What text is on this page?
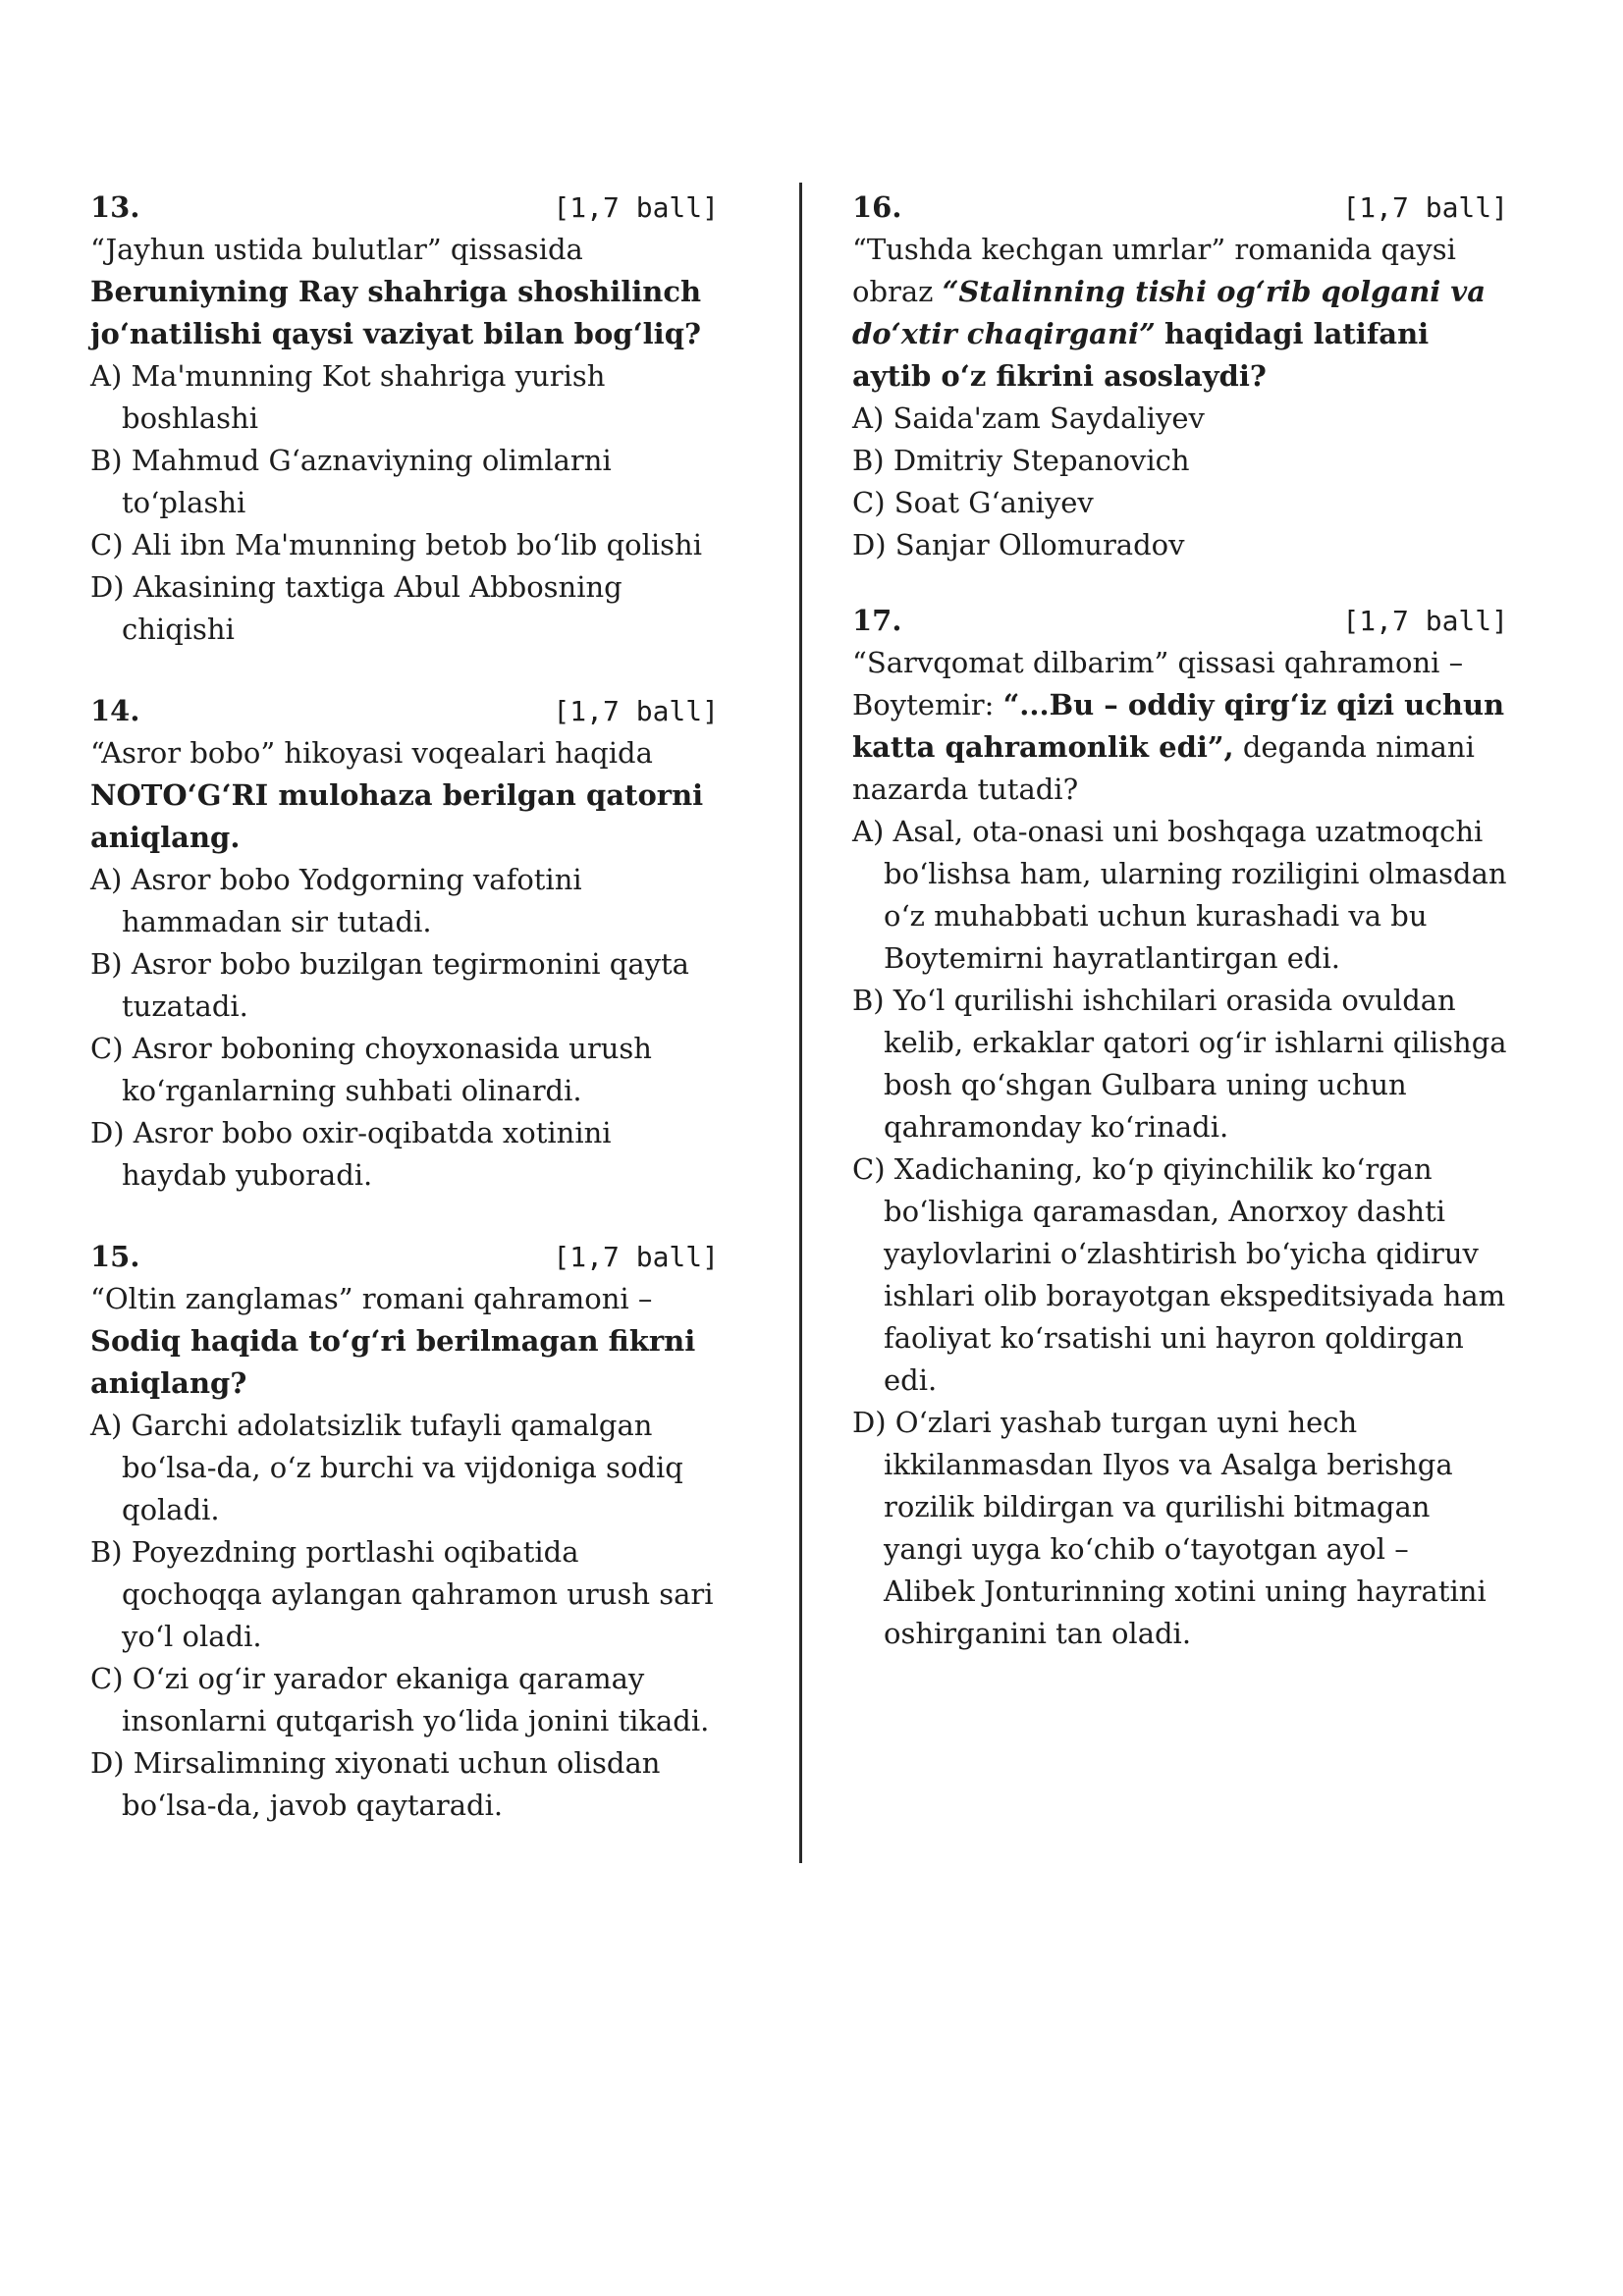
13.	[1,7 ball]
“Jayhun ustida bulutlar” qissasida Beruniyning Ray shahriga shoshilinch jo‘natilishi qaysi vaziyat bilan bog‘liq?
A) Ma'munning Kot shahriga yurish boshlashi
B) Mahmud G‘aznaviyning olimlarni to‘plashi
C) Ali ibn Ma'munning betob bo‘lib qolishi
D) Akasining taxtiga Abul Abbosning chiqishi
14.	[1,7 ball]
“Asror bobo” hikoyasi voqealari haqida NOTO‘G‘RI mulohaza berilgan qatorni aniqlang.
A) Asror bobo Yodgorning vafotini hammadan sir tutadi.
B) Asror bobo buzilgan tegirmonini qayta tuzatadi.
C) Asror boboning choyxonasida urush ko‘rganlarning suhbati olinardi.
D) Asror bobo oxir-oqibatda xotinini haydab yuboradi.
15.	[1,7 ball]
“Oltin zanglamas” romani qahramoni – Sodiq haqida to‘g‘ri berilmagan fikrni aniqlang?
A) Garchi adolatsizlik tufayli qamalgan bo‘lsa-da, o‘z burchi va vijdoniga sodiq qoladi.
B) Poyezdning portlashi oqibatida qochoqqa aylangan qahramon urush sari yo‘l oladi.
C) O‘zi og‘ir yarador ekaniga qaramay insonlarni qutqarish yo‘lida jonini tikadi.
D) Mirsalimning xiyonati uchun olisdan bo‘lsa-da, javob qaytaradi.
16.	[1,7 ball]
“Tushda kechgan umrlar” romanida qaysi obraz “Stalinning tishi og‘rib qolgani va do‘xtir chaqirgani” haqidagi latifani aytib o‘z fikrini asoslaydi?
A) Saida'zam Saydaliyev
B) Dmitriy Stepanovich
C) Soat G‘aniyev
D) Sanjar Ollomuradov
17.	[1,7 ball]
“Sarvqomat dilbarim” qissasi qahramoni – Boytemir: “...Bu – oddiy qirg‘iz qizi uchun katta qahramonlik edi”, deganda nimani nazarda tutadi?
A) Asal, ota-onasi uni boshqaga uzatmoqchi bo‘lishsa ham, ularning roziligini olmasdan o‘z muhabbati uchun kurashadi va bu Boytemirni hayratlantirgan edi.
B) Yo‘l qurilishi ishchilari orasida ovuldan kelib, erkaklar qatori og‘ir ishlarni qilishga bosh qo‘shgan Gulbara uning uchun qahramonday ko‘rinadi.
C) Xadichaning, ko‘p qiyinchilik ko‘rgan bo‘lishiga qaramasdan, Anorxoy dashti yaylovlarini o‘zlashtirish bo‘yicha qidiruv ishlari olib borayotgan ekspeditsiyada ham faoliyat ko‘rsatishi uni hayron qoldirgan edi.
D) O‘zlari yashab turgan uyni hech ikkilanmasdan Ilyos va Asalga berishga rozilik bildirgan va qurilishi bitmagan yangi uyga ko‘chib o‘tayotgan ayol – Alibek Jonturinning xotini uning hayratini oshirganini tan oladi.
